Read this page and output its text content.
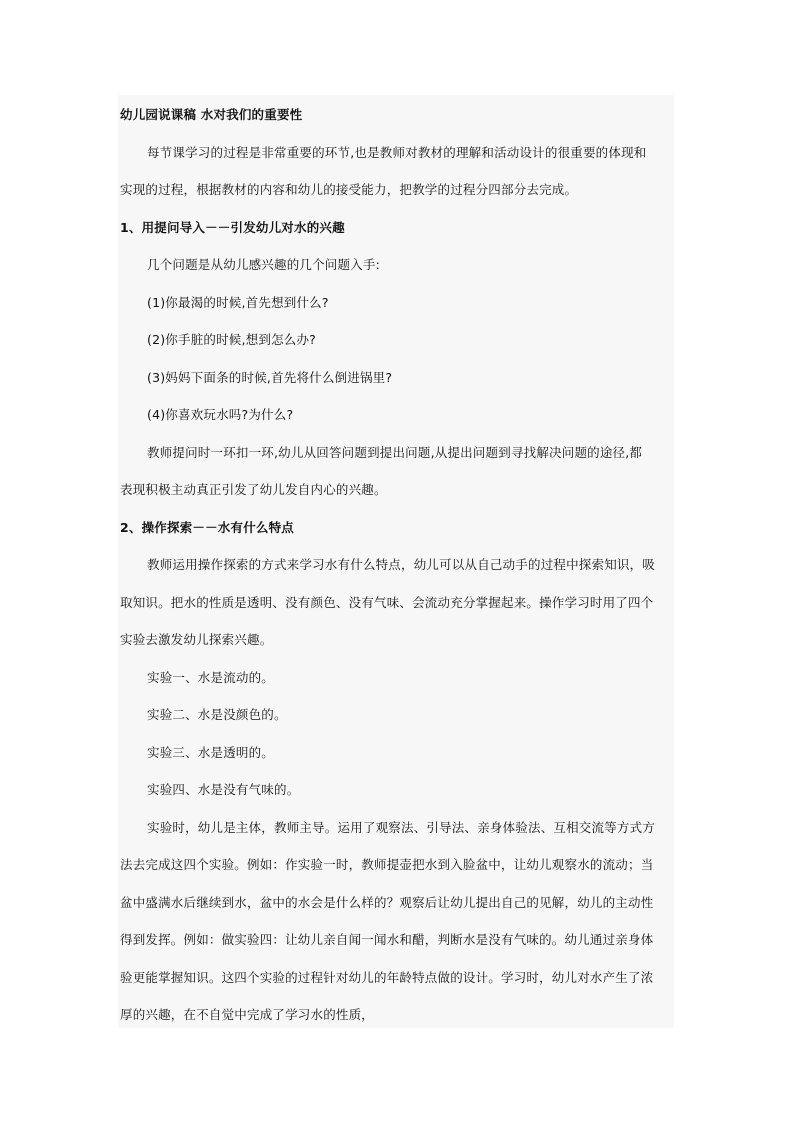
幼儿园说课稿 水对我们的重要性
每节课学习的过程是非常重要的环节,也是教师对教材的理解和活动设计的很重要的体现和
实现的过程，根据教材的内容和幼儿的接受能力，把教学的过程分四部分去完成。
1、用提问导入－－引发幼儿对水的兴趣
几个问题是从幼儿感兴趣的几个问题入手:
(1)你最渴的时候,首先想到什么?
(2)你手脏的时候,想到怎么办?
(3)妈妈下面条的时候,首先将什么倒进锅里?
(4)你喜欢玩水吗?为什么?
教师提问时一环扣一环,幼儿从回答问题到提出问题,从提出问题到寻找解决问题的途径,都
表现积极主动真正引发了幼儿发自内心的兴趣。
2、操作探索－－水有什么特点
教师运用操作探索的方式来学习水有什么特点，幼儿可以从自己动手的过程中探索知识，吸
取知识。把水的性质是透明、没有颜色、没有气味、会流动充分掌握起来。操作学习时用了四个
实验去激发幼儿探索兴趣。
实验一、水是流动的。
实验二、水是没颜色的。
实验三、水是透明的。
实验四、水是没有气味的。
实验时，幼儿是主体，教师主导。运用了观察法、引导法、亲身体验法、互相交流等方式方
法去完成这四个实验。例如：作实验一时，教师提壶把水到入脸盆中，让幼儿观察水的流动；当
盆中盛满水后继续到水，盆中的水会是什么样的？观察后让幼儿提出自己的见解，幼儿的主动性
得到发挥。例如：做实验四：让幼儿亲自闻一闻水和醋，判断水是没有气味的。幼儿通过亲身体
验更能掌握知识。这四个实验的过程针对幼儿的年龄特点做的设计。学习时，幼儿对水产生了浓
厚的兴趣，在不自觉中完成了学习水的性质，
